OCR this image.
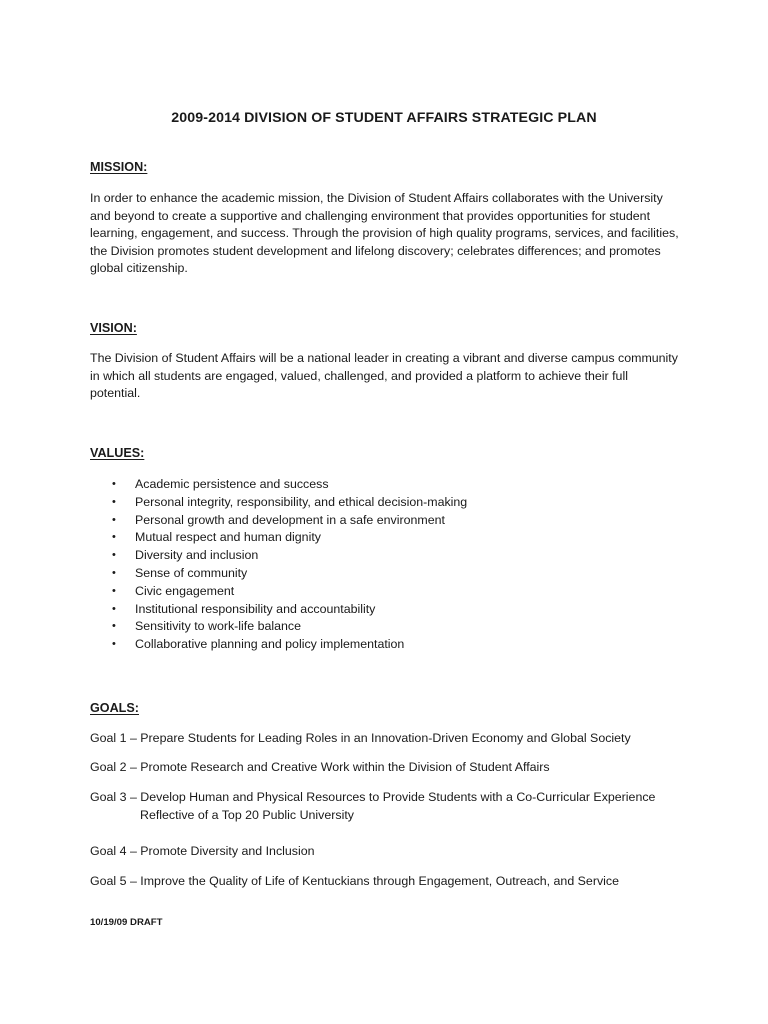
2009-2014 DIVISION OF STUDENT AFFAIRS STRATEGIC PLAN
MISSION:

In order to enhance the academic mission, the Division of Student Affairs collaborates with the University and beyond to create a supportive and challenging environment that provides opportunities for student learning, engagement, and success. Through the provision of high quality programs, services, and facilities, the Division promotes student development and lifelong discovery; celebrates differences; and promotes global citizenship.

VISION:

The Division of Student Affairs will be a national leader in creating a vibrant and diverse campus community in which all students are engaged, valued, challenged, and provided a platform to achieve their full potential.

VALUES:
• Academic persistence and success
• Personal integrity, responsibility, and ethical decision-making
• Personal growth and development in a safe environment
• Mutual respect and human dignity
• Diversity and inclusion
• Sense of community
• Civic engagement
• Institutional responsibility and accountability
• Sensitivity to work-life balance
• Collaborative planning and policy implementation
GOALS:

Goal 1 – Prepare Students for Leading Roles in an Innovation-Driven Economy and Global Society

Goal 2 – Promote Research and Creative Work within the Division of Student Affairs

Goal 3 – Develop Human and Physical Resources to Provide Students with a Co-Curricular Experience
Reflective of a Top 20 Public University

Goal 4 – Promote Diversity and Inclusion

Goal 5 – Improve the Quality of Life of Kentuckians through Engagement, Outreach, and Service

10/19/09 DRAFT
